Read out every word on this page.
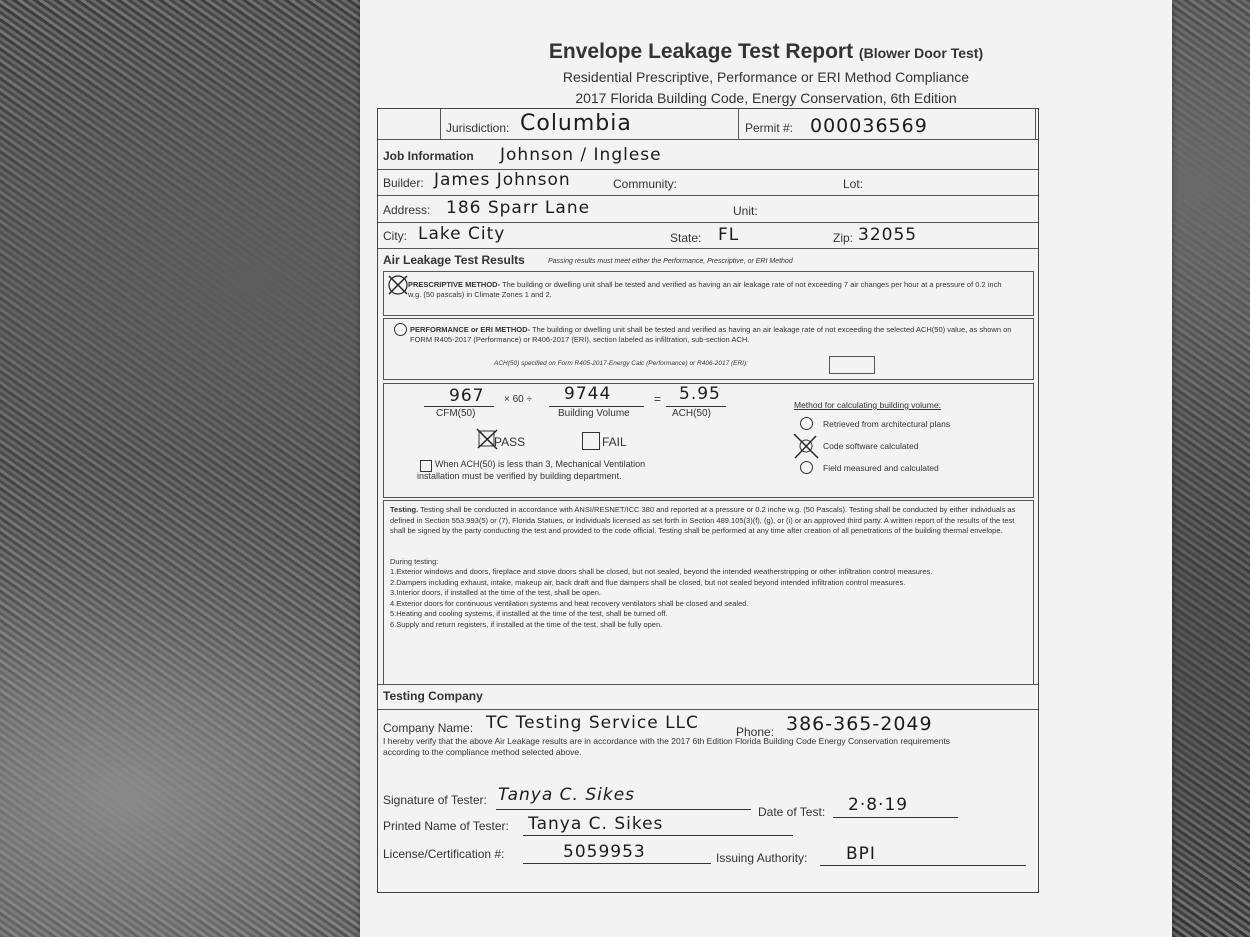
Envelope Leakage Test Report (Blower Door Test)
Residential Prescriptive, Performance or ERI Method Compliance
2017 Florida Building Code, Energy Conservation, 6th Edition
Jurisdiction: Columbia	Permit #: 000036569
Job Information Johnson / Inglese
Builder: James Johnson	Community:	Lot:
Address: 186 Sparr Lane	Unit:
City: Lake City	State: FL	Zip: 32055
Air Leakage Test Results	Passing results must meet either the Performance, Prescriptive, or ERI Method
PRESCRIPTIVE METHOD- The building or dwelling unit shall be tested and verified as having an air leakage rate of not exceeding 7 air changes per hour at a pressure of 0.2 inch w.g. (50 pascals) in Climate Zones 1 and 2.
PERFORMANCE or ERI METHOD- The building or dwelling unit shall be tested and verified as having an air leakage rate of not exceeding the selected ACH(50) value, as shown on FORM R405-2017 (Performance) or R406-2017 (ERI), section labeled as infiltration, sub-section ACH.
ACH(50) specified on Form R405-2017-Energy Calc (Performance) or R406-2017 (ERI):
967
CFM(50)
× 60 ÷ 9744
Building Volume
= 5.95
ACH(50)
PASS	FAIL
When ACH(50) is less than 3, Mechanical Ventilation
installation must be verified by building department.
Method for calculating building volume:
Retrieved from architectural plans
Code software calculated
Field measured and calculated
Testing. Testing shall be conducted in accordance with ANSI/RESNET/ICC 380 and reported at a pressure or 0.2 inche w.g. (50 Pascals). Testing shall be conducted by either individuals as defined in Section 553.993(5) or (7), Florida Statues, or individuals licensed as set forth in Section 489.105(3)(f), (g), or (i) or an approved third party. A written report of the results of the test shall be signed by the party conducting the test and provided to the code official. Testing shall be performed at any time after creation of all penetrations of the building thermal envelope.
During testing:
1.Exterior windows and doors, fireplace and stove doors shall be closed, but not sealed, beyond the intended weatherstripping or other infiltration control measures.
2.Dampers including exhaust, intake, makeup air, back draft and flue dampers shall be closed, but not sealed beyond intended infiltration control measures.
3.Interior doors, if installed at the time of the test, shall be open.
4.Exterior doors for continuous ventilation systems and heat recovery ventilators shall be closed and sealed.
5.Heating and cooling systems, if installed at the time of the test, shall be turned off.
6.Supply and return registers, if installed at the time of the test, shall be fully open.
Testing Company
Company Name: TC Testing Service LLC	Phone: 386-365-2049
I hereby verify that the above Air Leakage results are in accordance with the 2017 6th Edition Florida Building Code Energy Conservation requirements according to the compliance method selected above.
Signature of Tester: Tanya C. Sikes
Date of Test: 2·8·19
Printed Name of Tester: Tanya C. Sikes
License/Certification #:	5059953	Issuing Authority: BPI
